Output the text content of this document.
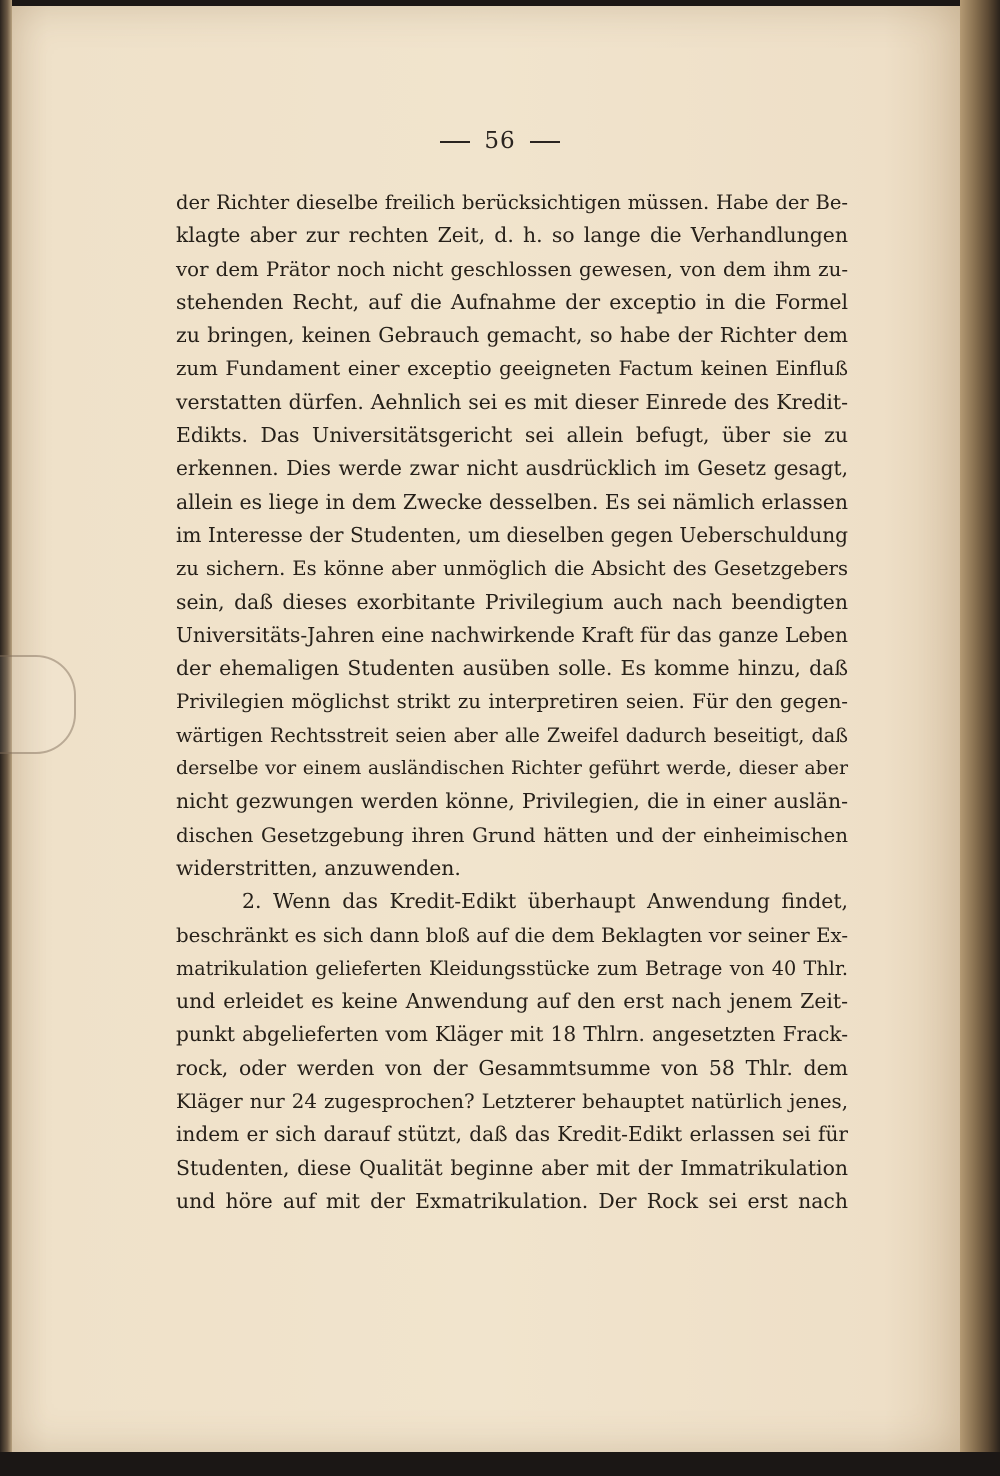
56
der Richter dieselbe freilich berücksichtigen müssen. Habe der Be-
klagte aber zur rechten Zeit, d. h. so lange die Verhandlungen
vor dem Prätor noch nicht geschlossen gewesen, von dem ihm zu-
stehenden Recht, auf die Aufnahme der exceptio in die Formel
zu bringen, keinen Gebrauch gemacht, so habe der Richter dem
zum Fundament einer exceptio geeigneten Factum keinen Einfluß
verstatten dürfen. Aehnlich sei es mit dieser Einrede des Kredit-
Edikts. Das Universitätsgericht sei allein befugt, über sie zu
erkennen. Dies werde zwar nicht ausdrücklich im Gesetz gesagt,
allein es liege in dem Zwecke desselben. Es sei nämlich erlassen
im Interesse der Studenten, um dieselben gegen Ueberschuldung
zu sichern. Es könne aber unmöglich die Absicht des Gesetzgebers
sein, daß dieses exorbitante Privilegium auch nach beendigten
Universitäts-Jahren eine nachwirkende Kraft für das ganze Leben
der ehemaligen Studenten ausüben solle. Es komme hinzu, daß
Privilegien möglichst strikt zu interpretiren seien. Für den gegen-
wärtigen Rechtsstreit seien aber alle Zweifel dadurch beseitigt, daß
derselbe vor einem ausländischen Richter geführt werde, dieser aber
nicht gezwungen werden könne, Privilegien, die in einer auslän-
dischen Gesetzgebung ihren Grund hätten und der einheimischen
widerstritten, anzuwenden.
2. Wenn das Kredit-Edikt überhaupt Anwendung findet,
beschränkt es sich dann bloß auf die dem Beklagten vor seiner Ex-
matrikulation gelieferten Kleidungsstücke zum Betrage von 40 Thlr.
und erleidet es keine Anwendung auf den erst nach jenem Zeit-
punkt abgelieferten vom Kläger mit 18 Thlrn. angesetzten Frack-
rock, oder werden von der Gesammtsumme von 58 Thlr. dem
Kläger nur 24 zugesprochen? Letzterer behauptet natürlich jenes,
indem er sich darauf stützt, daß das Kredit-Edikt erlassen sei für
Studenten, diese Qualität beginne aber mit der Immatrikulation
und höre auf mit der Exmatrikulation. Der Rock sei erst nach
